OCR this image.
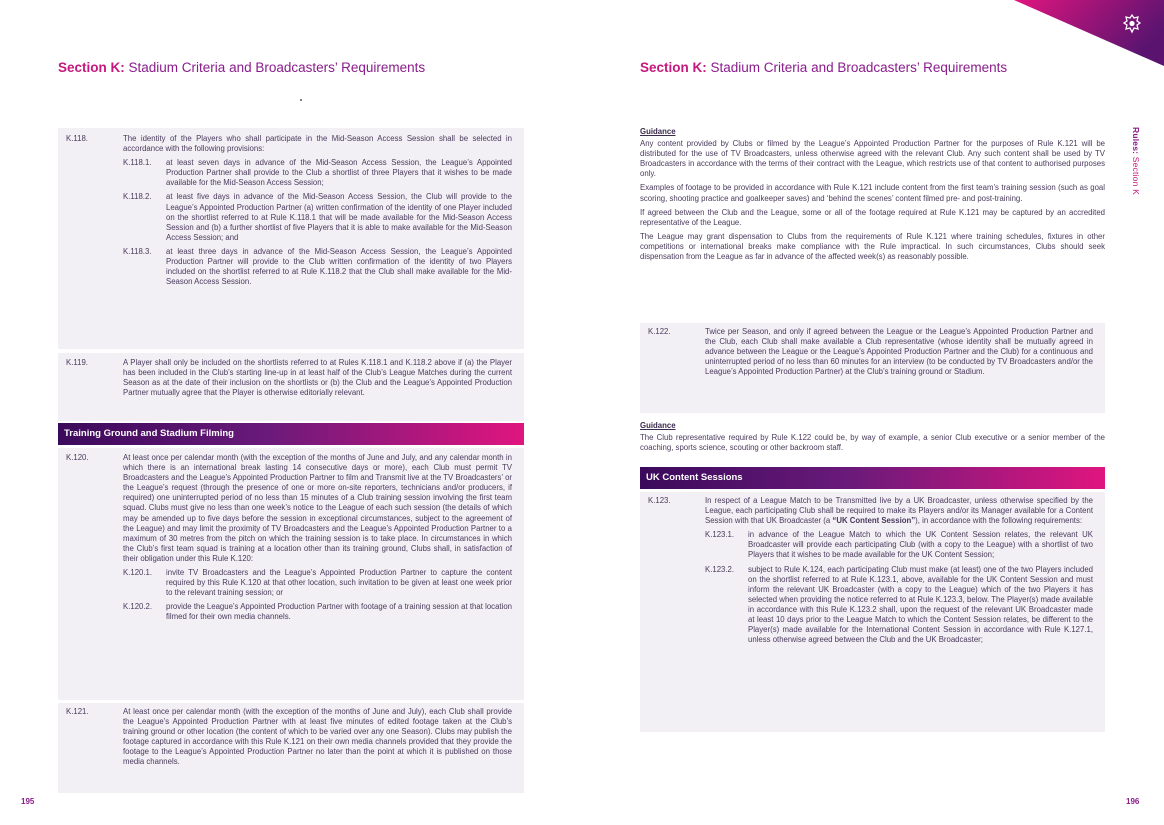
Section K: Stadium Criteria and Broadcasters’ Requirements
K.118.	The identity of the Players who shall participate in the Mid-Season Access Session shall be selected in accordance with the following provisions:
K.118.1. at least seven days in advance of the Mid-Season Access Session, the League’s Appointed Production Partner shall provide to the Club a shortlist of three Players that it wishes to be made available for the Mid-Season Access Session;
K.118.2. at least five days in advance of the Mid-Season Access Session, the Club will provide to the League’s Appointed Production Partner (a) written confirmation of the identity of one Player included on the shortlist referred to at Rule K.118.1 that will be made available for the Mid-Season Access Session and (b) a further shortlist of five Players that it is able to make available for the Mid-Season Access Session; and
K.118.3. at least three days in advance of the Mid-Season Access Session, the League’s Appointed Production Partner will provide to the Club written confirmation of the identity of two Players included on the shortlist referred to at Rule K.118.2 that the Club shall make available for the Mid-Season Access Session.
K.119.	A Player shall only be included on the shortlists referred to at Rules K.118.1 and K.118.2 above if (a) the Player has been included in the Club’s starting line-up in at least half of the Club’s League Matches during the current Season as at the date of their inclusion on the shortlists or (b) the Club and the League’s Appointed Production Partner mutually agree that the Player is otherwise editorially relevant.
Training Ground and Stadium Filming
K.120.	At least once per calendar month (with the exception of the months of June and July, and any calendar month in which there is an international break lasting 14 consecutive days or more), each Club must permit TV Broadcasters and the League’s Appointed Production Partner to film and Transmit live at the TV Broadcasters’ or the League’s request (through the presence of one or more on-site reporters, technicians and/or producers, if required) one uninterrupted period of no less than 15 minutes of a Club training session involving the first team squad. Clubs must give no less than one week’s notice to the League of each such session (the details of which may be amended up to five days before the session in exceptional circumstances, subject to the agreement of the League) and may limit the proximity of TV Broadcasters and the League’s Appointed Production Partner to a maximum of 30 metres from the pitch on which the training session is to take place. In circumstances in which the Club’s first team squad is training at a location other than its training ground, Clubs shall, in satisfaction of their obligation under this Rule K.120:
K.120.1. invite TV Broadcasters and the League’s Appointed Production Partner to capture the content required by this Rule K.120 at that other location, such invitation to be given at least one week prior to the relevant training session; or
K.120.2. provide the League’s Appointed Production Partner with footage of a training session at that location filmed for their own media channels.
K.121.	At least once per calendar month (with the exception of the months of June and July), each Club shall provide the League’s Appointed Production Partner with at least five minutes of edited footage taken at the Club’s training ground or other location (the content of which to be varied over any one Season). Clubs may publish the footage captured in accordance with this Rule K.121 on their own media channels provided that they provide the footage to the League’s Appointed Production Partner no later than the point at which it is published on those media channels.
195
Section K: Stadium Criteria and Broadcasters’ Requirements
Guidance

Any content provided by Clubs or filmed by the League’s Appointed Production Partner for the purposes of Rule K.121 will be distributed for the use of TV Broadcasters, unless otherwise agreed with the relevant Club. Any such content shall be used by TV Broadcasters in accordance with the terms of their contract with the League, which restricts use of that content to authorised purposes only.

Examples of footage to be provided in accordance with Rule K.121 include content from the first team’s training session (such as goal scoring, shooting practice and goalkeeper saves) and ‘behind the scenes’ content filmed pre- and post-training.

If agreed between the Club and the League, some or all of the footage required at Rule K.121 may be captured by an accredited representative of the League.

The League may grant dispensation to Clubs from the requirements of Rule K.121 where training schedules, fixtures in other competitions or international breaks make compliance with the Rule impractical. In such circumstances, Clubs should seek dispensation from the League as far in advance of the affected week(s) as reasonably possible.

K.122.	Twice per Season, and only if agreed between the League or the League’s Appointed Production Partner and the Club, each Club shall make available a Club representative (whose identity shall be mutually agreed in advance between the League or the League’s Appointed Production Partner and the Club) for a continuous and uninterrupted period of no less than 60 minutes for an interview (to be conducted by TV Broadcasters and/or the League’s Appointed Production Partner) at the Club’s training ground or Stadium.
Guidance

The Club representative required by Rule K.122 could be, by way of example, a senior Club executive or a senior member of the coaching, sports science, scouting or other backroom staff.

UK Content Sessions
K.123.	In respect of a League Match to be Transmitted live by a UK Broadcaster, unless otherwise specified by the League, each participating Club shall be required to make its Players and/or its Manager available for a Content Session with that UK Broadcaster (a “UK Content Session”), in accordance with the following requirements:
K.123.1. in advance of the League Match to which the UK Content Session relates, the relevant UK Broadcaster will provide each participating Club (with a copy to the League) with a shortlist of two Players that it wishes to be made available for the UK Content Session;
K.123.2. subject to Rule K.124, each participating Club must make (at least) one of the two Players included on the shortlist referred to at Rule K.123.1, above, available for the UK Content Session and must inform the relevant UK Broadcaster (with a copy to the League) which of the two Players it has selected when providing the notice referred to at Rule K.123.3, below. The Player(s) made available in accordance with this Rule K.123.2 shall, upon the request of the relevant UK Broadcaster made at least 10 days prior to the League Match to which the Content Session relates, be different to the Player(s) made available for the International Content Session in accordance with Rule K.127.1, unless otherwise agreed between the Club and the UK Broadcaster;
196
Rules: Section K
